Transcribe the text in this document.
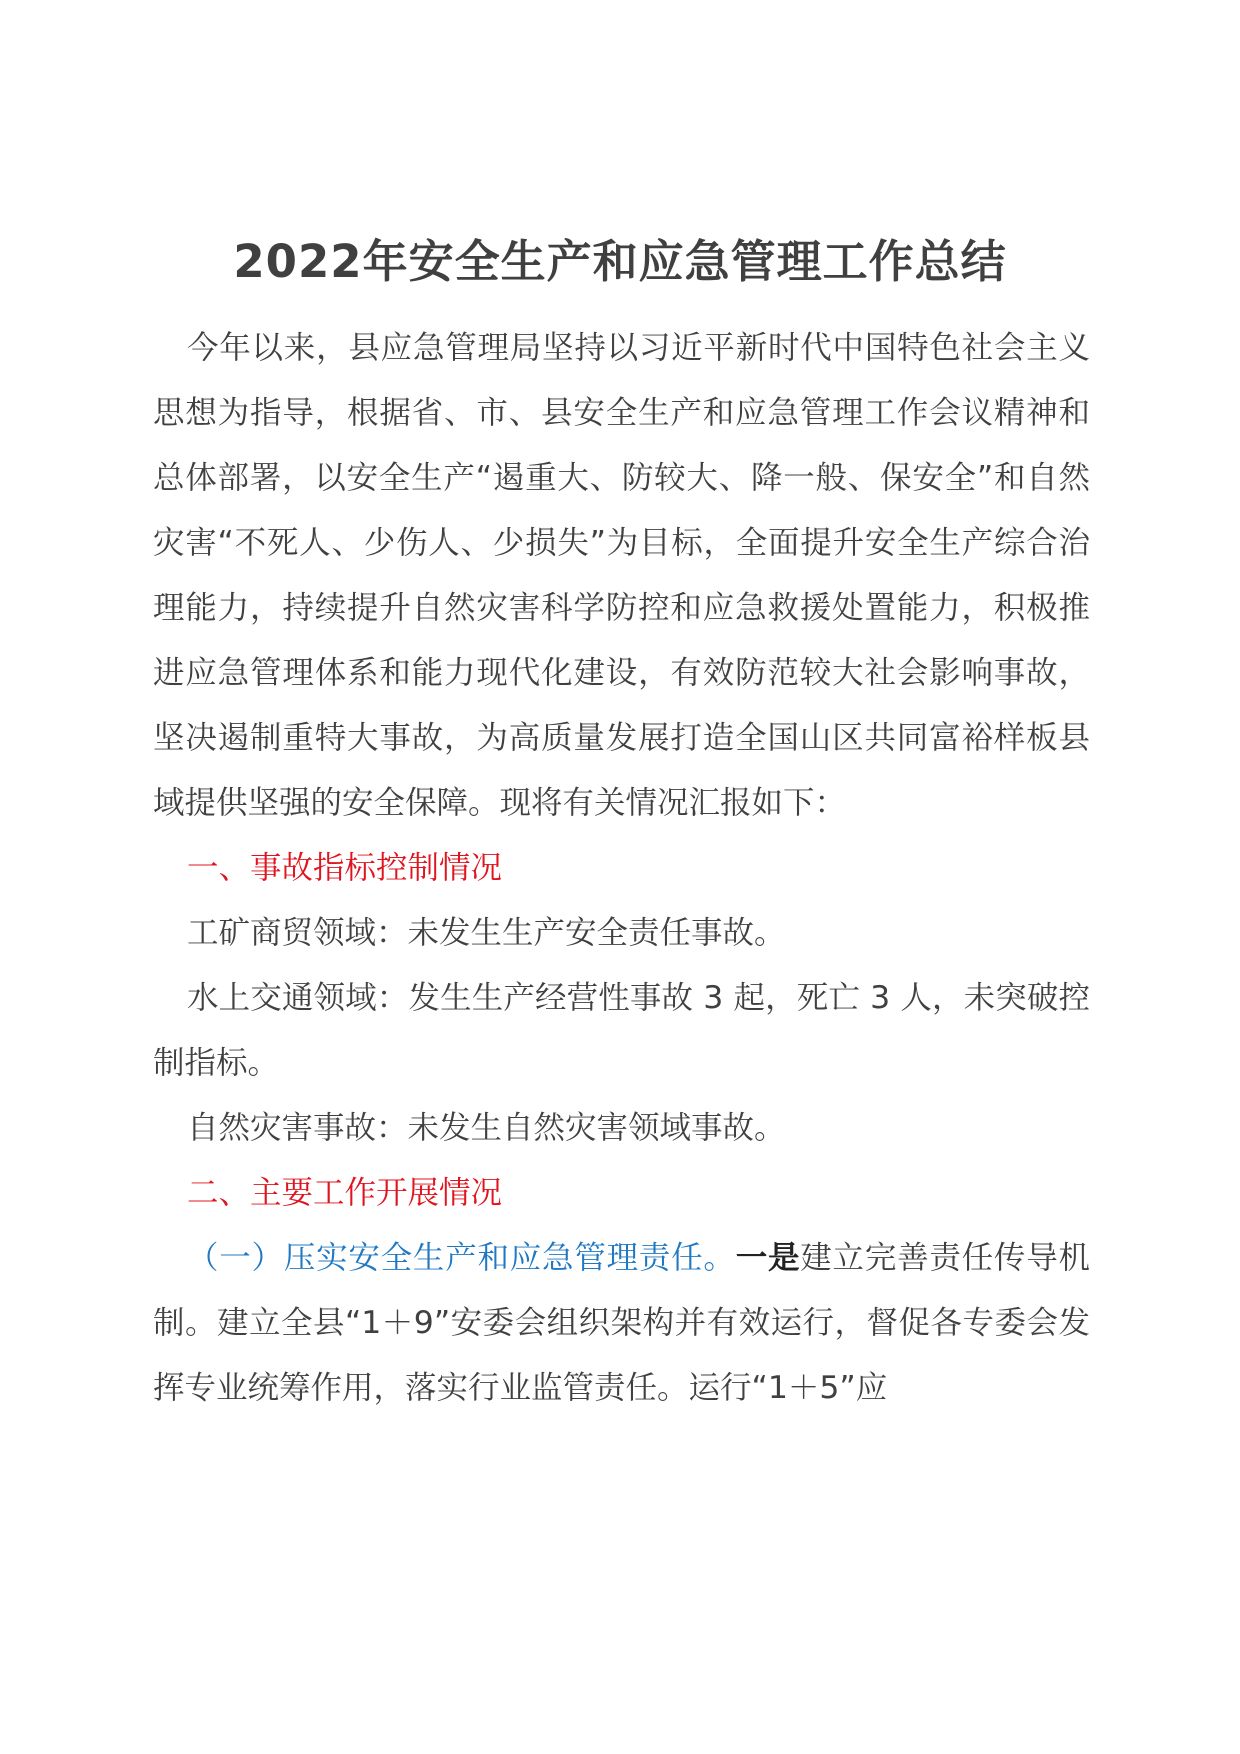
2022年安全生产和应急管理工作总结

今年以来，县应急管理局坚持以习近平新时代中国特色社会主义思想为指导，根据省、市、县安全生产和应急管理工作会议精神和总体部署，以安全生产“遏重大、防较大、降一般、保安全”和自然灾害“不死人、少伤人、少损失”为目标，全面提升安全生产综合治理能力，持续提升自然灾害科学防控和应急救援处置能力，积极推进应急管理体系和能力现代化建设，有效防范较大社会影响事故，坚决遏制重特大事故，为高质量发展打造全国山区共同富裕样板县域提供坚强的安全保障。现将有关情况汇报如下：

一、事故指标控制情况

工矿商贸领域：未发生生产安全责任事故。

水上交通领域：发生生产经营性事故 3 起，死亡 3 人，未突破控制指标。

自然灾害事故：未发生自然灾害领域事故。

二、主要工作开展情况

（一）压实安全生产和应急管理责任。一是建立完善责任传导机制。建立全县“1＋9”安委会组织架构并有效运行，督促各专委会发挥专业统筹作用，落实行业监管责任。运行“1＋5”应
